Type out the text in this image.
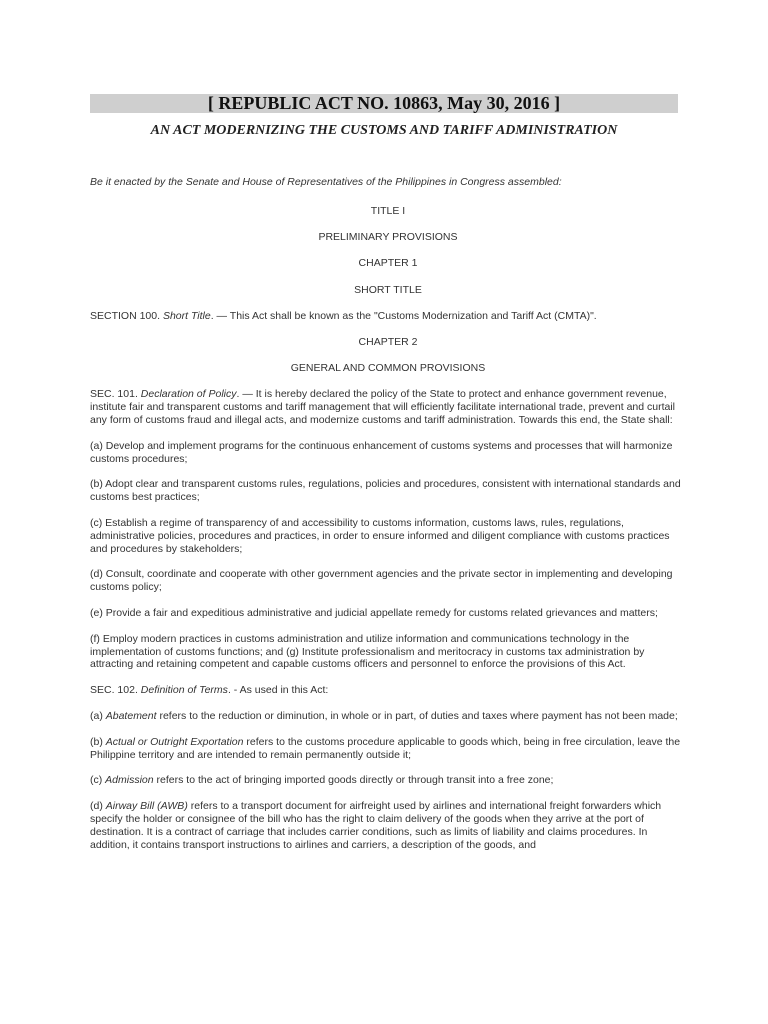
[ REPUBLIC ACT NO. 10863, May 30, 2016 ]
AN ACT MODERNIZING THE CUSTOMS AND TARIFF ADMINISTRATION

Be it enacted by the Senate and House of Representatives of the Philippines in Congress assembled:

TITLE I

PRELIMINARY PROVISIONS

CHAPTER 1

SHORT TITLE

SECTION 100. Short Title. — This Act shall be known as the "Customs Modernization and Tariff Act (CMTA)".

CHAPTER 2

GENERAL AND COMMON PROVISIONS

SEC. 101. Declaration of Policy. — It is hereby declared the policy of the State to protect and enhance government revenue, institute fair and transparent customs and tariff management that will efficiently facilitate international trade, prevent and curtail any form of customs fraud and illegal acts, and modernize customs and tariff administration. Towards this end, the State shall:

(a) Develop and implement programs for the continuous enhancement of customs systems and processes that will harmonize customs procedures;

(b) Adopt clear and transparent customs rules, regulations, policies and procedures, consistent with international standards and customs best practices;

(c) Establish a regime of transparency of and accessibility to customs information, customs laws, rules, regulations, administrative policies, procedures and practices, in order to ensure informed and diligent compliance with customs practices and procedures by stakeholders;

(d) Consult, coordinate and cooperate with other government agencies and the private sector in implementing and developing customs policy;

(e) Provide a fair and expeditious administrative and judicial appellate remedy for customs related grievances and matters;

(f) Employ modern practices in customs administration and utilize information and communications technology in the implementation of customs functions; and (g) Institute professionalism and meritocracy in customs tax administration by attracting and retaining competent and capable customs officers and personnel to enforce the provisions of this Act.

SEC. 102. Definition of Terms. - As used in this Act:

(a) Abatement refers to the reduction or diminution, in whole or in part, of duties and taxes where payment has not been made;

(b) Actual or Outright Exportation refers to the customs procedure applicable to goods which, being in free circulation, leave the Philippine territory and are intended to remain permanently outside it;

(c) Admission refers to the act of bringing imported goods directly or through transit into a free zone;

(d) Airway Bill (AWB) refers to a transport document for airfreight used by airlines and international freight forwarders which specify the holder or consignee of the bill who has the right to claim delivery of the goods when they arrive at the port of destination. It is a contract of carriage that includes carrier conditions, such as limits of liability and claims procedures. In addition, it contains transport instructions to airlines and carriers, a description of the goods, and
